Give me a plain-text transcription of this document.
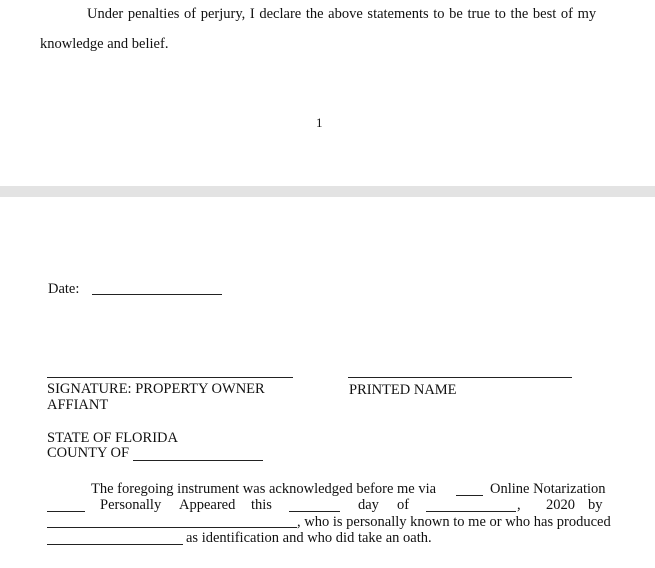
Under penalties of perjury, I declare the above statements to be true to the best of my
knowledge and belief.
1
Date:
SIGNATURE: PROPERTY OWNER
AFFIANT
PRINTED NAME
STATE OF FLORIDA
COUNTY OF
The foregoing instrument was acknowledged before me via	Online Notarization
Personally Appeared this	day of	, 2020 by
, who is personally known to me or who has produced
as identification and who did take an oath.
